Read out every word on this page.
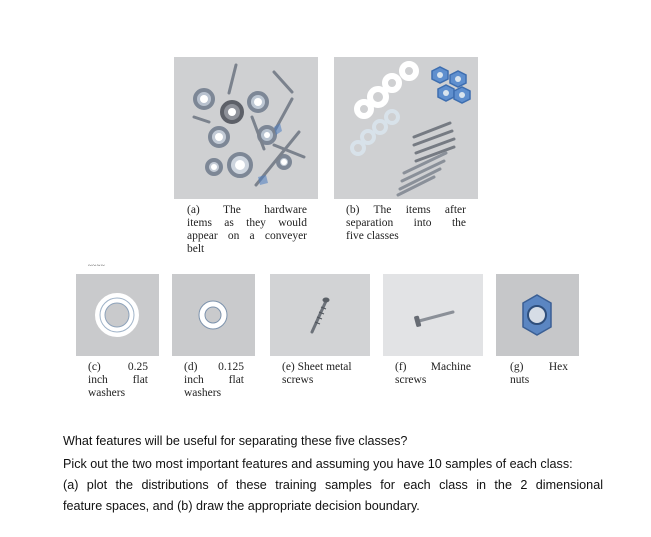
(a) The hardware
items as they would
appear on a conveyer
belt
(b) The items after
separation into the
five classes
~~~~
(c) 0.25
inch flat
washers
(d) 0.125
inch flat
washers
(e) Sheet metal
screws
(f) Machine
screws
(g) Hex
nuts
What features will be useful for separating these five classes?
Pick out the two most important features and assuming you have 10 samples of each class:
(a) plot the distributions of these training samples for each class in the 2 dimensional
feature spaces, and (b) draw the appropriate decision boundary.
